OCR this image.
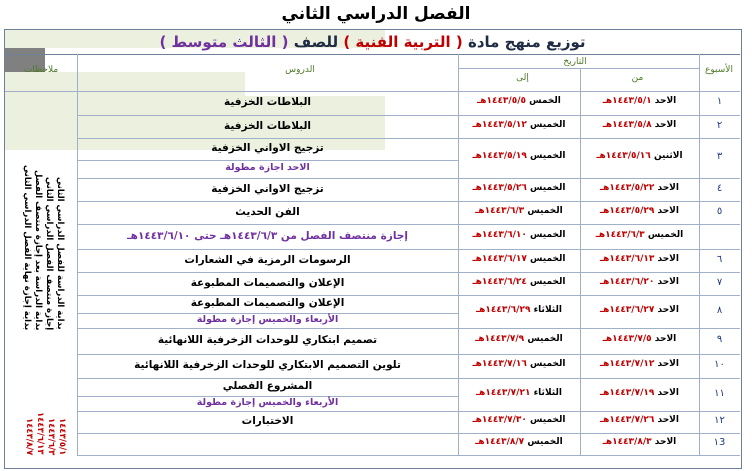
الفصل الدراسي الثاني
توزيع منهج مادة ( التربية الفنية ) للصف ( الثالث متوسط )
الأسبوع
التاريخ
من
إلى
الدروس
ملاحظات
بداية الدراسة للفصل الدراسي الثاني
إجازة منتصف الفصل الدراسي الثاني
بداية الدراسة بعد إجازة منتصف الفصل
بداية إجازة نهاية الفصل الدراسي الثاني
١٤٤٣/٥/١
١٤٤٣/٦/٣
١٤٤٣/٦/١٣
١٤٤٣/٨/٧
١
الاحد ١٤٤٣/٥/١هـ
الخمس ١٤٤٣/٥/٥هـ
البلاطات الخزفية
٢
الاحد ١٤٤٣/٥/٨هـ
الخميس ١٤٤٣/٥/١٢هـ
البلاطات الخزفية
٣
الاثنين ١٤٤٣/٥/١٦هـ
الخميس ١٤٤٣/٥/١٩هـ
تزجيج الاواني الخزفية
الاحد اجازة مطولة
٤
الاحد ١٤٤٣/٥/٢٢هـ
الخميس ١٤٤٣/٥/٢٦هـ
تزجيج الاواني الخزفية
٥
الاحد ١٤٤٣/٥/٢٩هـ
الخميس ١٤٤٣/٦/٣هـ
الفن الحديث
الخميس ١٤٤٣/٦/٣هـ
الخميس ١٤٤٣/٦/١٠هـ
إجازة منتصف الفصل من ١٤٤٣/٦/٣هـ حتى ١٤٤٣/٦/١٠هـ
٦
الاحد ١٤٤٣/٦/١٣هـ
الخميس ١٤٤٣/٦/١٧هـ
الرسومات الرمزية في الشعارات
٧
الاحد ١٤٤٣/٦/٢٠هـ
الخميس ١٤٤٣/٦/٢٤هـ
الإعلان والتصميمات المطبوعة
٨
الاحد ١٤٤٣/٦/٢٧هـ
الثلاثاء ١٤٤٣/٦/٢٩هـ
الإعلان والتصميمات المطبوعة
الأربعاء والخميس إجازة مطولة
٩
الاحد ١٤٤٣/٧/٥هـ
الخميس ١٤٤٣/٧/٩هـ
تصميم ابتكاري للوحدات الزخرفية اللانهائية
١٠
الاحد ١٤٤٣/٧/١٢هـ
الخميس ١٤٤٣/٧/١٦هـ
تلوين التصميم الابتكاري للوحدات الزخرفية اللانهائية
١١
الاحد ١٤٤٣/٧/١٩هـ
الثلاثاء ١٤٤٣/٧/٢١هـ
المشروع الفصلي
الأربعاء والخميس إجازة مطولة
١٢
الاحد ١٤٤٣/٧/٢٦هـ
الخميس ١٤٤٣/٧/٣٠هـ
الاختبارات
١3
الاحد ١٤٤٣/٨/٣هـ
الخميس ١٤٤٣/٨/٧هـ
